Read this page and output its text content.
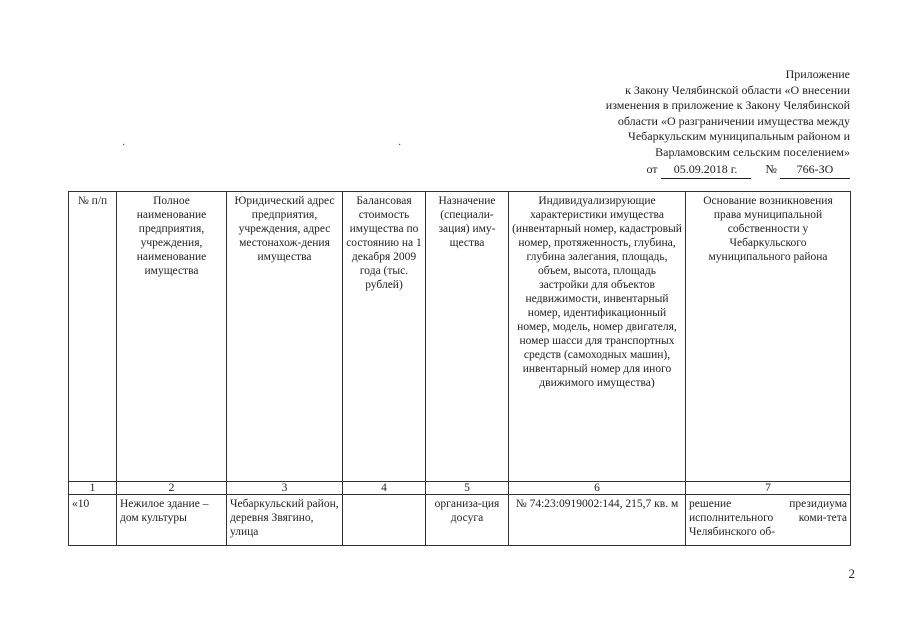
Приложение
к Закону Челябинской области «О внесении
изменения в приложение к Закону Челябинской
области «О разграничении имущества между
Чебаркульским муниципальным районом и
Варламовским сельским поселением»
от 05.09.2018 г. № 766-ЗО
·	·
№ п/п	Полное наименование предприятия, учреждения, наименование имущества	Юридический адрес предприятия, учреждения, адрес местонахож-дения имущества	Балансовая стоимость имущества по состоянию на 1 декабря 2009 года (тыс. рублей)	Назначение (специали-зация) иму-щества	Индивидуализирующие характеристики имущества (инвентарный номер, кадастровый номер, протяженность, глубина, глубина залегания, площадь, объем, высота, площадь застройки для объектов недвижимости, инвентарный номер, идентификационный номер, модель, номер двигателя, номер шасси для транспортных средств (самоходных машин), инвентарный номер для иного движимого имущества)	Основание возникновения права муниципальной собственности у Чебаркульского муниципального района
1	2	3	4	5	6	7
«10	Нежилое здание – дом культуры	Чебаркульский район, деревня Звягино, улица		организа-ция досуга	№ 74:23:0919002:144, 215,7 кв. м	решение президиума исполнительного коми-тета Челябинского об-
2
